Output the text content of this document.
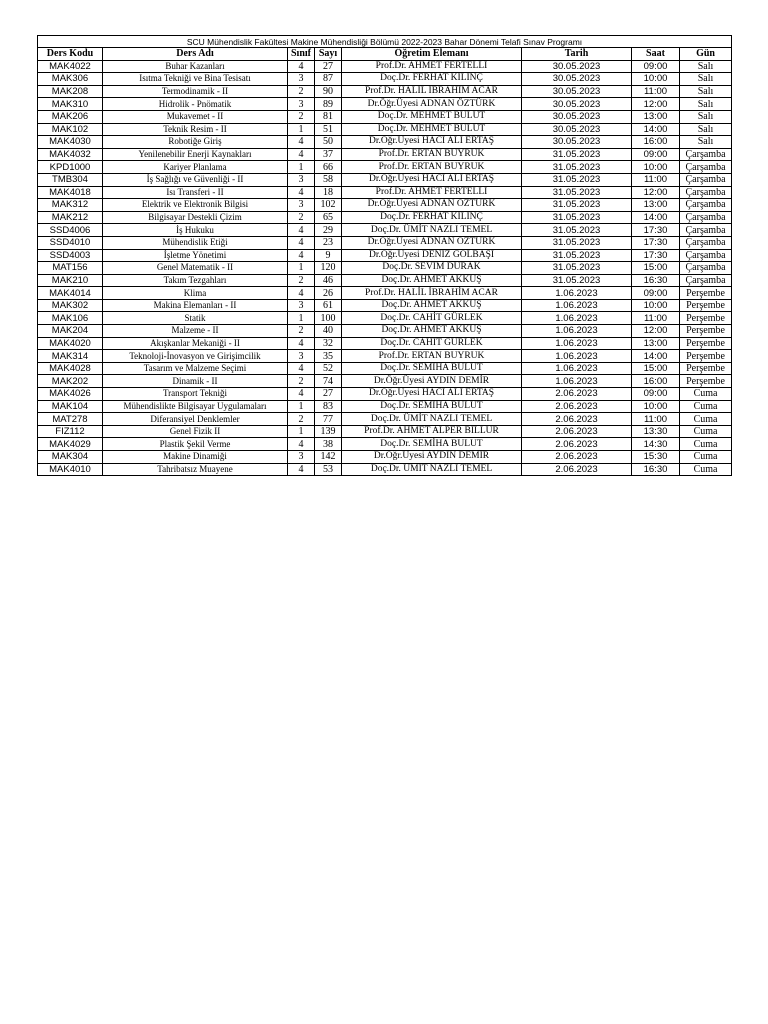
SCU Mühendislik Fakültesi Makine Mühendisliği Bölümü 2022-2023 Bahar Dönemi Telafi Sınav Programı							
Ders Kodu	Ders Adı	Sınıf	Sayı	Öğretim Elemanı	Tarih	Saat	Gün
MAK4022	Buhar Kazanları	4	27	Prof.Dr. AHMET FERTELLİ	30.05.2023	09:00	Salı
MAK306	Isıtma Tekniği ve Bina Tesisatı	3	87	Doç.Dr. FERHAT KILINÇ	30.05.2023	10:00	Salı
MAK208	Termodinamik - II	2	90	Prof.Dr. HALİL İBRAHİM ACAR	30.05.2023	11:00	Salı
MAK310	Hidrolik - Pnömatik	3	89	Dr.Öğr.Üyesi ADNAN ÖZTÜRK	30.05.2023	12:00	Salı
MAK206	Mukavemet - II	2	81	Doç.Dr. MEHMET BULUT	30.05.2023	13:00	Salı
MAK102	Teknik Resim - II	1	51	Doç.Dr. MEHMET BULUT	30.05.2023	14:00	Salı
MAK4030	Robotiğe Giriş	4	50	Dr.Öğr.Üyesi HACI ALİ ERTAŞ	30.05.2023	16:00	Salı
MAK4032	Yenilenebilir Enerji Kaynakları	4	37	Prof.Dr. ERTAN BUYRUK	31.05.2023	09:00	Çarşamba
KPD1000	Kariyer Planlama	1	66	Prof.Dr. ERTAN BUYRUK	31.05.2023	10:00	Çarşamba
TMB304	İş Sağlığı ve Güvenliği - II	3	58	Dr.Öğr.Üyesi HACI ALİ ERTAŞ	31.05.2023	11:00	Çarşamba
MAK4018	Isı Transferi - II	4	18	Prof.Dr. AHMET FERTELLİ	31.05.2023	12:00	Çarşamba
MAK312	Elektrik ve Elektronik Bilgisi	3	102	Dr.Öğr.Üyesi ADNAN ÖZTÜRK	31.05.2023	13:00	Çarşamba
MAK212	Bilgisayar Destekli Çizim	2	65	Doç.Dr. FERHAT KILINÇ	31.05.2023	14:00	Çarşamba
SSD4006	İş Hukuku	4	29	Doç.Dr. ÜMİT NAZLI TEMEL	31.05.2023	17:30	Çarşamba
SSD4010	Mühendislik Etiği	4	23	Dr.Öğr.Üyesi ADNAN ÖZTÜRK	31.05.2023	17:30	Çarşamba
SSD4003	İşletme Yönetimi	4	9	Dr.Öğr.Üyesi DENİZ GÖLBAŞI	31.05.2023	17:30	Çarşamba
MAT156	Genel Matematik - II	1	120	Doç.Dr. SEVİM DURAK	31.05.2023	15:00	Çarşamba
MAK210	Takım Tezgahları	2	46	Doç.Dr. AHMET AKKUŞ	31.05.2023	16:30	Çarşamba
MAK4014	Klima	4	26	Prof.Dr. HALİL İBRAHİM ACAR	1.06.2023	09:00	Perşembe
MAK302	Makina Elemanları - II	3	61	Doç.Dr. AHMET AKKUŞ	1.06.2023	10:00	Perşembe
MAK106	Statik	1	100	Doç.Dr. CAHİT GÜRLEK	1.06.2023	11:00	Perşembe
MAK204	Malzeme - II	2	40	Doç.Dr. AHMET AKKUŞ	1.06.2023	12:00	Perşembe
MAK4020	Akışkanlar Mekaniği - II	4	32	Doç.Dr. CAHİT GÜRLEK	1.06.2023	13:00	Perşembe
MAK314	Teknoloji-İnovasyon ve Girişimcilik	3	35	Prof.Dr. ERTAN BUYRUK	1.06.2023	14:00	Perşembe
MAK4028	Tasarım ve Malzeme Seçimi	4	52	Doç.Dr. SEMİHA BULUT	1.06.2023	15:00	Perşembe
MAK202	Dinamik - II	2	74	Dr.Öğr.Üyesi AYDIN DEMİR	1.06.2023	16:00	Perşembe
MAK4026	Transport Tekniği	4	27	Dr.Öğr.Üyesi HACI ALİ ERTAŞ	2.06.2023	09:00	Cuma
MAK104	Mühendislikte Bilgisayar Uygulamaları	1	83	Doç.Dr. SEMİHA BULUT	2.06.2023	10:00	Cuma
MAT278	Diferansiyel Denklemler	2	77	Doç.Dr. ÜMİT NAZLI TEMEL	2.06.2023	11:00	Cuma
FIZ112	Genel Fizik II	1	139	Prof.Dr. AHMET ALPER BILLUR	2.06.2023	13:30	Cuma
MAK4029	Plastik Şekil Verme	4	38	Doç.Dr. SEMİHA BULUT	2.06.2023	14:30	Cuma
MAK304	Makine Dinamiği	3	142	Dr.Öğr.Üyesi AYDIN DEMİR	2.06.2023	15:30	Cuma
MAK4010	Tahribatsız Muayene	4	53	Doç.Dr. ÜMİT NAZLI TEMEL	2.06.2023	16:30	Cuma
